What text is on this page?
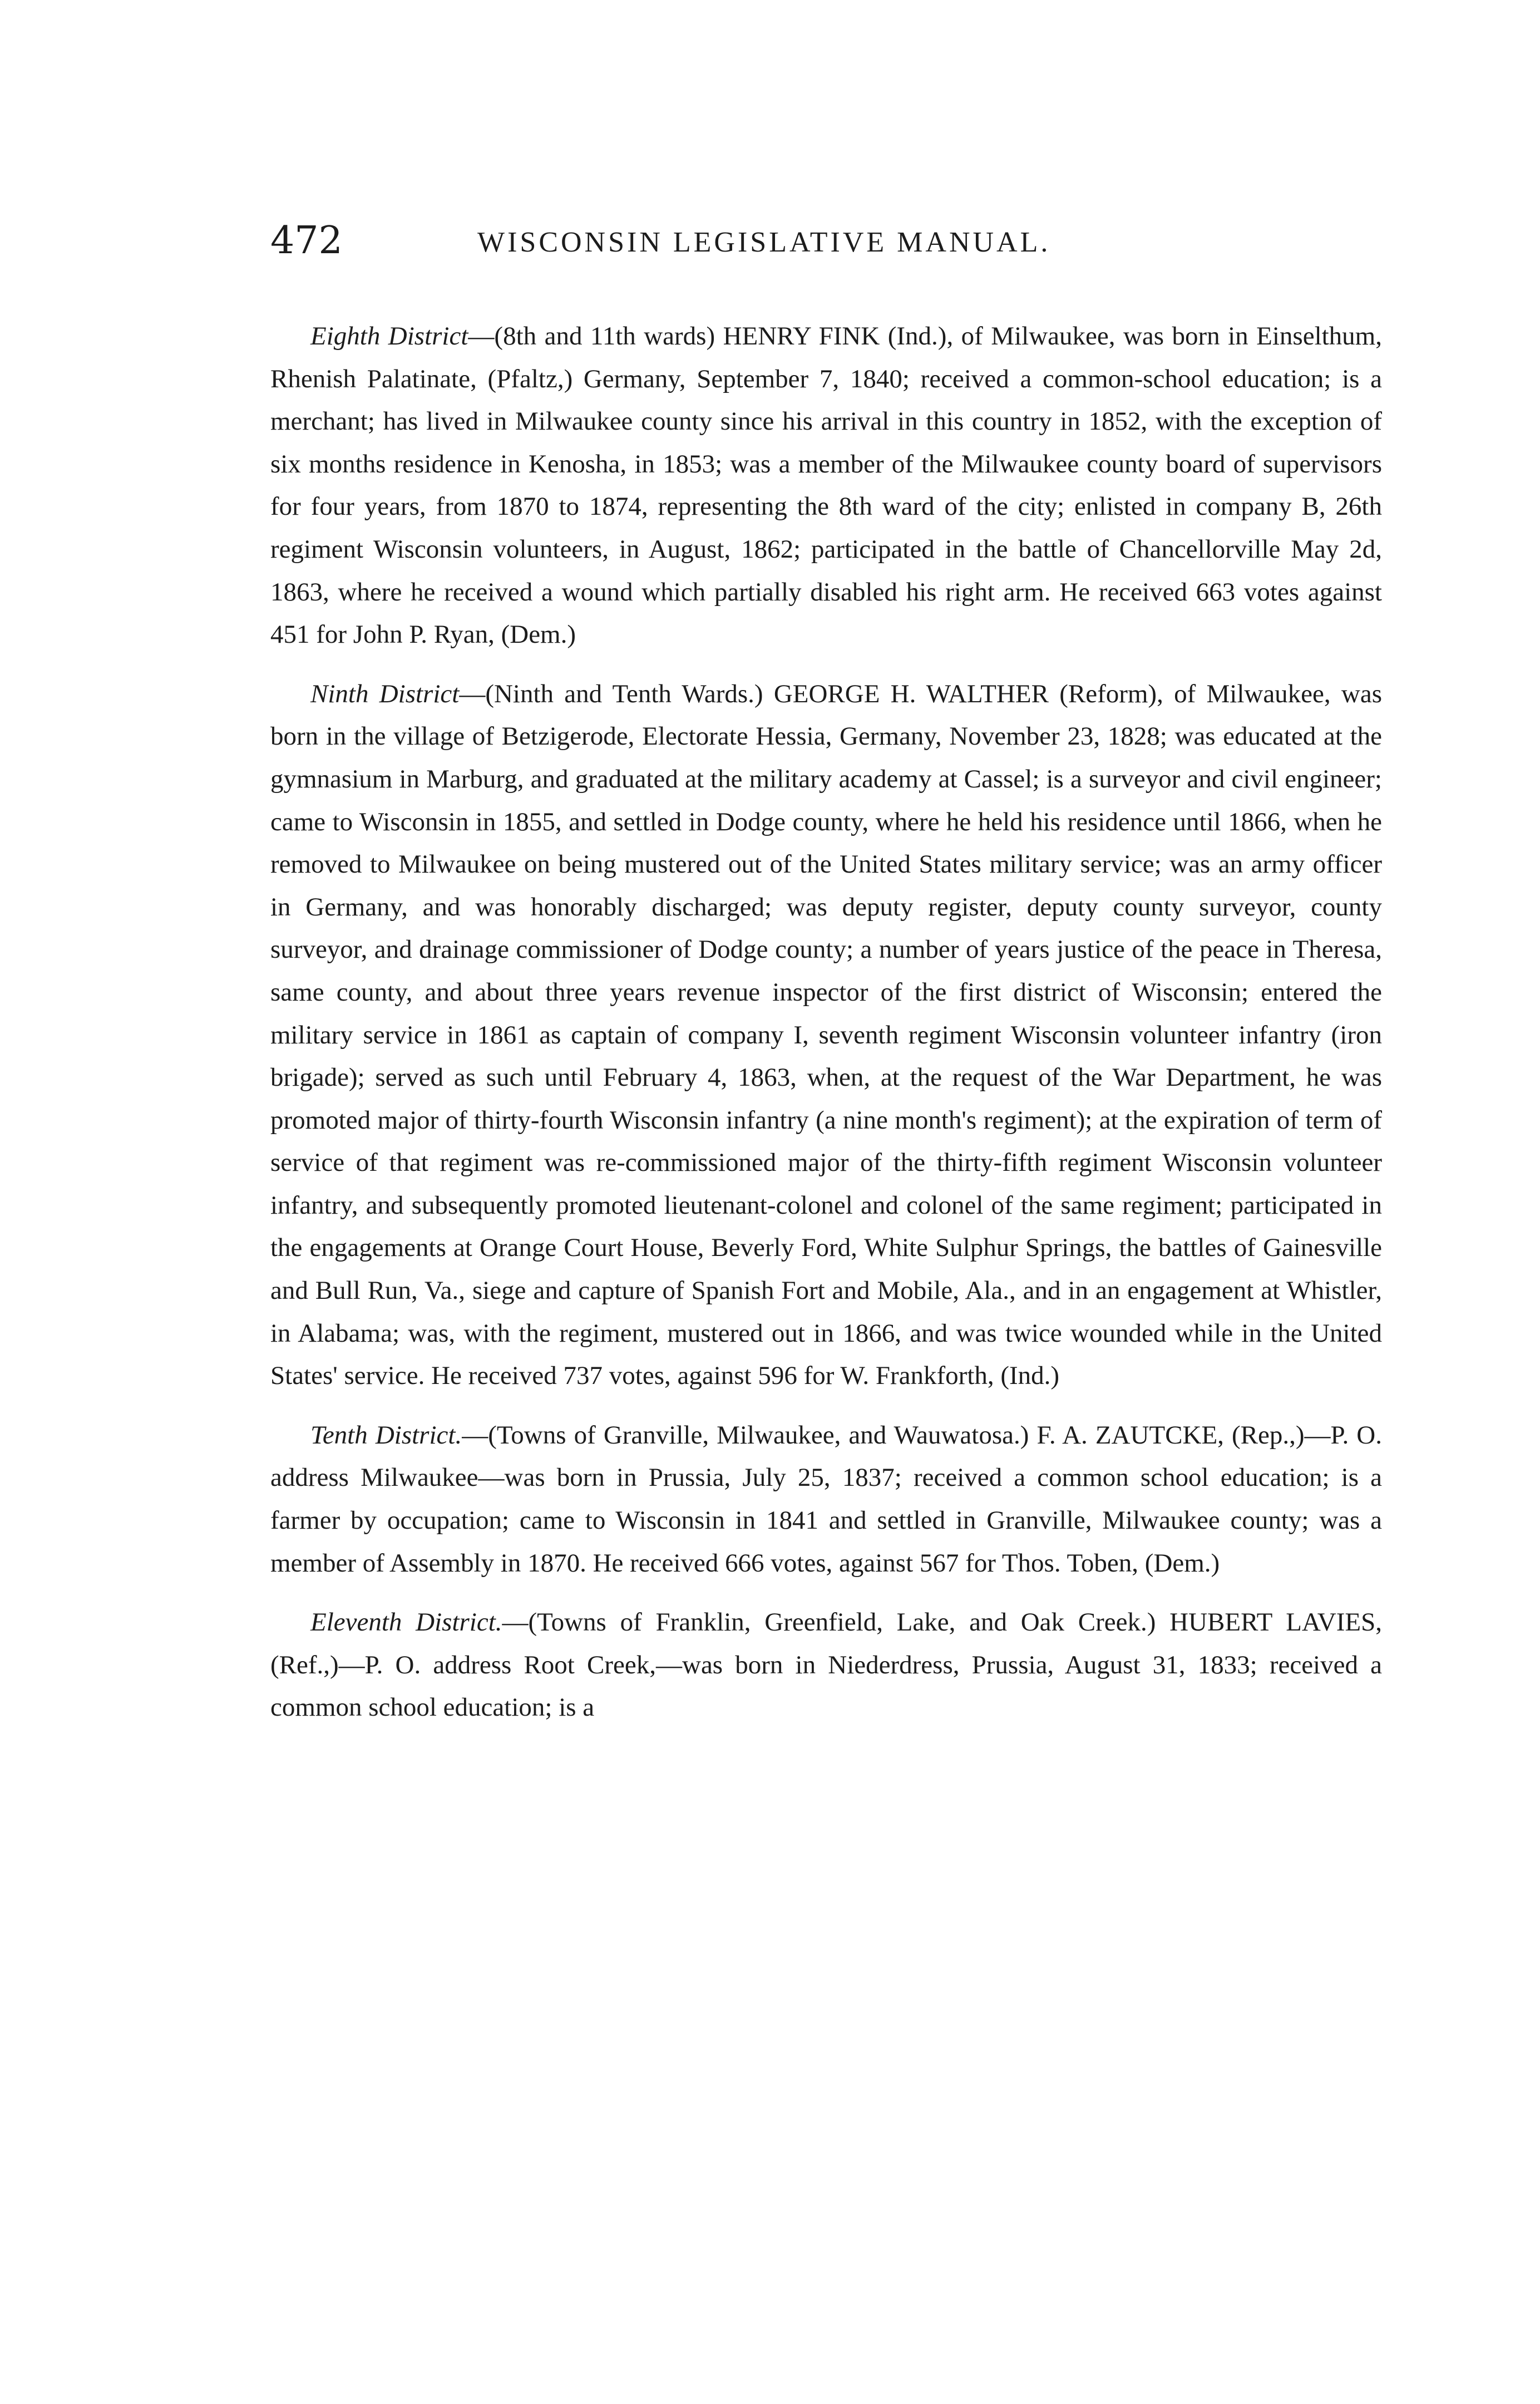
472	WISCONSIN LEGISLATIVE MANUAL.

Eighth District—(8th and 11th wards) HENRY FINK (Ind.), of Milwaukee, was born in Einselthum, Rhenish Palatinate, (Pfaltz,) Germany, September 7, 1840; received a common-school education; is a merchant; has lived in Milwaukee county since his arrival in this country in 1852, with the exception of six months residence in Kenosha, in 1853; was a member of the Milwaukee county board of supervisors for four years, from 1870 to 1874, representing the 8th ward of the city; enlisted in company B, 26th regiment Wisconsin volunteers, in August, 1862; participated in the battle of Chancellorville May 2d, 1863, where he received a wound which partially disabled his right arm. He received 663 votes against 451 for John P. Ryan, (Dem.)

Ninth District—(Ninth and Tenth Wards.) GEORGE H. WALTHER (Reform), of Milwaukee, was born in the village of Betzigerode, Electorate Hessia, Germany, November 23, 1828; was educated at the gymnasium in Marburg, and graduated at the military academy at Cassel; is a surveyor and civil engineer; came to Wisconsin in 1855, and settled in Dodge county, where he held his residence until 1866, when he removed to Milwaukee on being mustered out of the United States military service; was an army officer in Germany, and was honorably discharged; was deputy register, deputy county surveyor, county surveyor, and drainage commissioner of Dodge county; a number of years justice of the peace in Theresa, same county, and about three years revenue inspector of the first district of Wisconsin; entered the military service in 1861 as captain of company I, seventh regiment Wisconsin volunteer infantry (iron brigade); served as such until February 4, 1863, when, at the request of the War Department, he was promoted major of thirty-fourth Wisconsin infantry (a nine month's regiment); at the expiration of term of service of that regiment was re-commissioned major of the thirty-fifth regiment Wisconsin volunteer infantry, and subsequently promoted lieutenant-colonel and colonel of the same regiment; participated in the engagements at Orange Court House, Beverly Ford, White Sulphur Springs, the battles of Gainesville and Bull Run, Va., siege and capture of Spanish Fort and Mobile, Ala., and in an engagement at Whistler, in Alabama; was, with the regiment, mustered out in 1866, and was twice wounded while in the United States' service. He received 737 votes, against 596 for W. Frankforth, (Ind.)

Tenth District.—(Towns of Granville, Milwaukee, and Wauwatosa.) F. A. ZAUTCKE, (Rep.,)—P. O. address Milwaukee—was born in Prussia, July 25, 1837; received a common school education; is a farmer by occupation; came to Wisconsin in 1841 and settled in Granville, Milwaukee county; was a member of Assembly in 1870. He received 666 votes, against 567 for Thos. Toben, (Dem.)

Eleventh District.—(Towns of Franklin, Greenfield, Lake, and Oak Creek.) HUBERT LAVIES, (Ref.,)—P. O. address Root Creek,—was born in Niederdress, Prussia, August 31, 1833; received a common school education; is a
